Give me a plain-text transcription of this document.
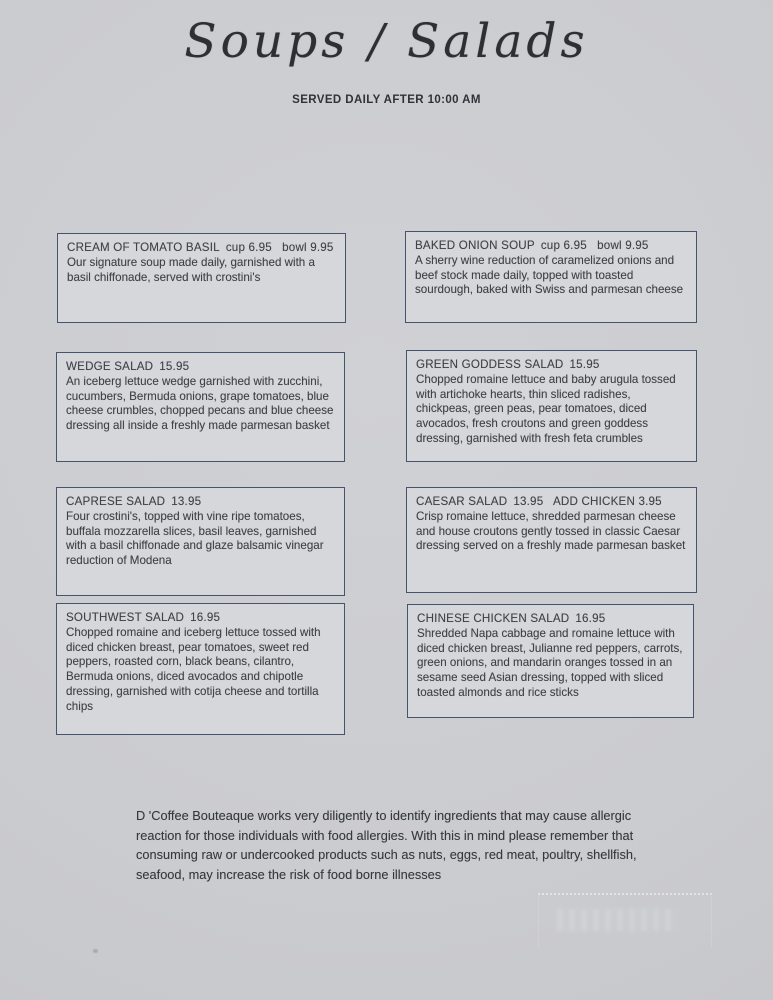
Soups / Salads
SERVED DAILY AFTER 10:00 AM
CREAM OF TOMATO BASIL cup 6.95   bowl 9.95
Our signature soup made daily, garnished with a basil chiffonade, served with crostini's
BAKED ONION SOUP cup 6.95   bowl 9.95
A sherry wine reduction of caramelized onions and beef stock made daily, topped with toasted sourdough, baked with Swiss and parmesan cheese
WEDGE SALAD 15.95
An iceberg lettuce wedge garnished with zucchini, cucumbers, Bermuda onions, grape tomatoes, blue cheese crumbles, chopped pecans and blue cheese dressing all inside a freshly made parmesan basket
GREEN GODDESS SALAD 15.95
Chopped romaine lettuce and baby arugula tossed with artichoke hearts, thin sliced radishes, chickpeas, green peas, pear tomatoes, diced avocados, fresh croutons and green goddess dressing, garnished with fresh feta crumbles
CAPRESE SALAD 13.95
Four crostini's, topped with vine ripe tomatoes, buffala mozzarella slices, basil leaves, garnished with a basil chiffonade and glaze balsamic vinegar reduction of Modena
CAESAR SALAD 13.95   ADD CHICKEN 3.95
Crisp romaine lettuce, shredded parmesan cheese and house croutons gently tossed in classic Caesar dressing served on a freshly made parmesan basket
SOUTHWEST SALAD 16.95
Chopped romaine and iceberg lettuce tossed with diced chicken breast, pear tomatoes, sweet red peppers, roasted corn, black beans, cilantro, Bermuda onions, diced avocados and chipotle dressing, garnished with cotija cheese and tortilla chips
CHINESE CHICKEN SALAD 16.95
Shredded Napa cabbage and romaine lettuce with diced chicken breast, Julianne red peppers, carrots, green onions, and mandarin oranges tossed in an sesame seed Asian dressing, topped with sliced toasted almonds and rice sticks
D 'Coffee Bouteaque works very diligently to identify ingredients that may cause allergic reaction for those individuals with food allergies. With this in mind please remember that consuming raw or undercooked products such as nuts, eggs, red meat, poultry, shellfish, seafood, may increase the risk of food borne illnesses
